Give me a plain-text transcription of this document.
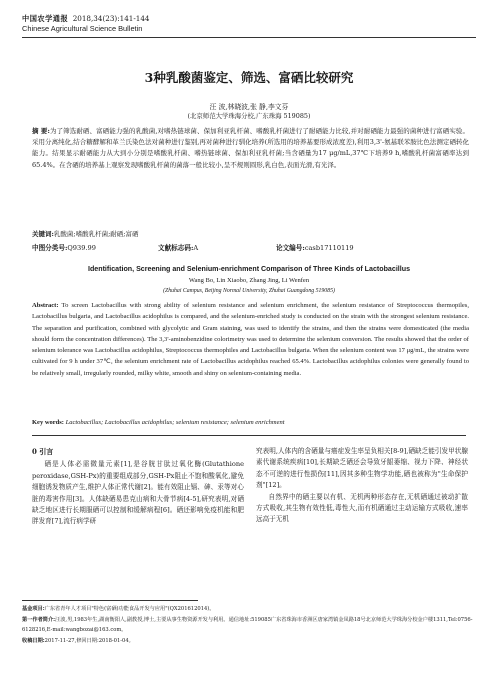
中国农学通报 2018,34(23):141-144
Chinese Agricultural Science Bulletin
3种乳酸菌鉴定、筛选、富硒比较研究
汪 波,林晓波,张 静,李文芬
(北京师范大学珠海分校,广东珠海 519085)
摘 要:为了筛选耐硒、富硒能力强的乳酸菌,对嗜热链球菌、保加利亚乳杆菌、嗜酸乳杆菌进行了耐硒能力比较,并对耐硒能力最强的菌种进行富硒实验。采用分离纯化,结合糖酵解和革兰氏染色法对菌种进行鉴别,再对菌种进行驯化培养(所选用的培养基要形成浓度差),利用3,3'-氨基联苯胺比色法测定硒转化能力。结果显示耐硒能力从大到小分别是嗜酸乳杆菌、嗜热链球菌、保加利亚乳杆菌;当含硒量为17 μg/mL,37℃下培养9 h,嗜酸乳杆菌富硒率达到65.4%。在含硒的培养基上观察发现嗜酸乳杆菌的菌落一般比较小,呈不规则圆形,乳白色,表面光滑,有光泽。
关键词:乳酸菌;嗜酸乳杆菌;耐硒;富硒
中图分类号:Q939.99	文献标志码:A	论文编号:casb17110119
Identification, Screening and Selenium-enrichment Comparison of Three Kinds of Lactobacillus
Wang Bo, Lin Xiaobo, Zhang Jing, Li Wenfen
(Zhuhai Campus, Beijing Normal University, Zhuhai Guangdong 519085)
Abstract: To screen Lactobacillus with strong ability of selenium resistance and selenium enrichment, the selenium resistance of Streptococcus thermopiles, Lactobacillus bulgaria, and Lactobacillus acidophilus is compared, and the selenium-enriched study is conducted on the strain with the strongest selenium resistance. The separation and purification, combined with glycolytic and Gram staining, was used to identify the strains, and then the strains were domesticated (the media should form the concentration differences). The 3,3'-aminobenzidine colorimetry was used to determine the selenium conversion. The results showed that the order of selenium tolerance was Lactobacillus acidophilus, Streptococcus thermophiles and Lactobacillus bulgaria. When the selenium content was 17 μg/mL, the strains were cultivated for 9 h under 37℃, the selenium enrichment rate of Lactobacillus acidophilus reached 65.4%. Lactobacillus acidophilus colonies were generally found to be relatively small, irregularly rounded, milky white, smooth and shiny on selenium-containing media.
Key words: Lactobacillus; Lactobacillus acidophilus; selenium resistance; selenium enrichment
0 引言
硒是人体必需微量元素[1],是谷胱甘肽过氧化酶(Glutathione peroxidase,GSH-Px)的重要组成部分,GSH-Px阻止不饱和酸氧化,避免细胞诱发物质产生,维护人体正常代谢[2]。能有效阻止镉、砷、汞等对心脏的毒害作用[3]。人体缺硒易患克山病和大骨节病[4-5],研究表明,对硒缺乏地区进行长期服硒可以控制和缓解病程[6]。硒还影响免疫机能和肥胖发育[7],流行病学研
究表明,人体内的含硒量与癌症发生率呈负相关[8-9],硒缺乏能引发甲状腺素代谢系统疾病[10],长期缺乏硒还会导致牙龈萎缩、视力下降、神经状态不可逆的进行性损伤[11],因其多种生物学功能,硒也被称为"生命保护剂"[12]。
自然界中的硒主要以有机、无机两种形态存在,无机硒通过被动扩散方式吸收,其生物有效性低,毒性大,而有机硒通过主动运输方式吸收,速率远高于无机
基金项目:广东省青年人才项目"特色(富硒)功能食品开发与应用"(QX201612014)。
第一作者简介:汪波,男,1983年生,湖南衡阳人,副教授,博士,主要从事生物资源开发与利用。通信地址:519085广东省珠海市香洲区唐家湾镇金凤路18号北京师范大学珠海分校金户楼1311,Tel:0756-6128216,E-mail:wangbozai@163.com。
收稿日期:2017-11-27,修回日期:2018-01-04。
